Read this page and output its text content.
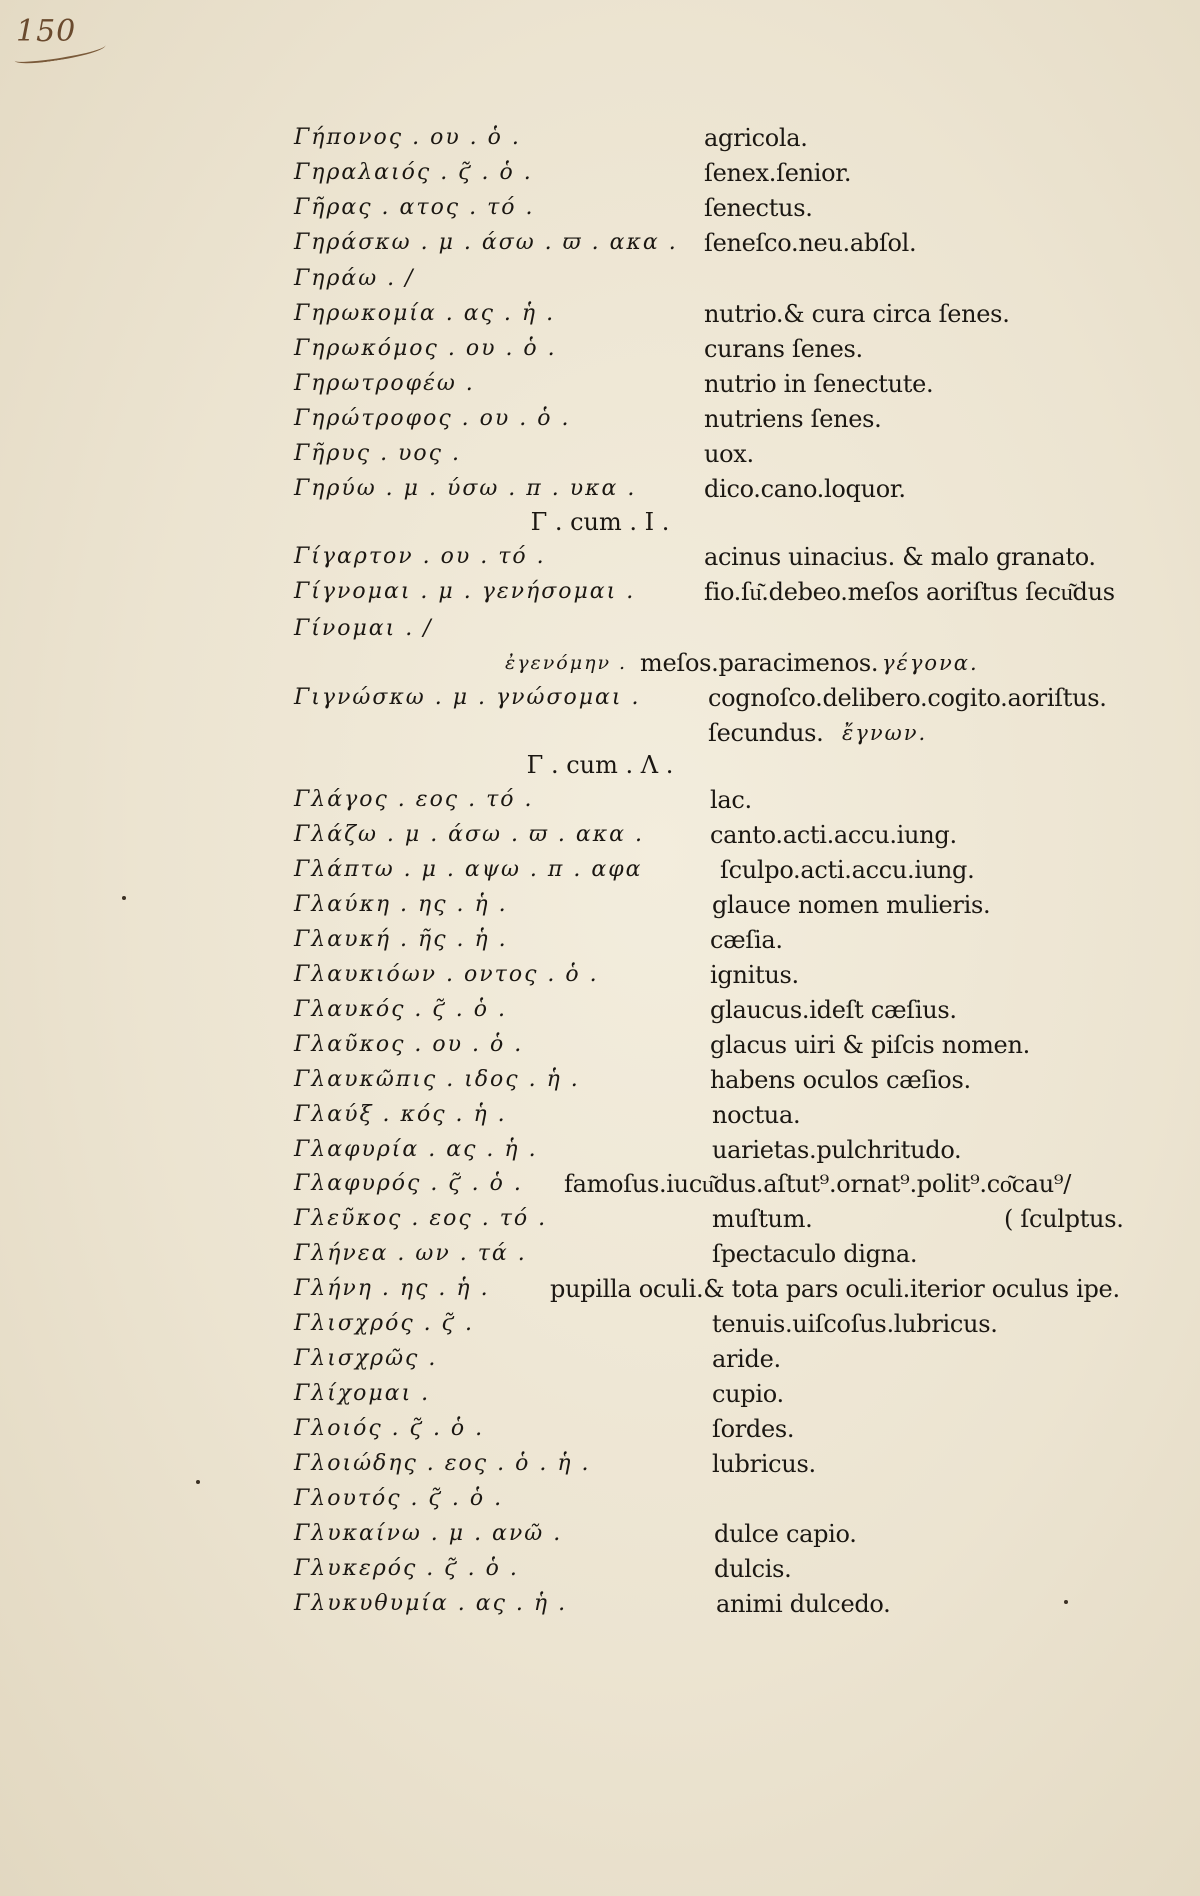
150
Γήπονος . ου . ὁ .	agricola.
Γηραλαιός . ϛ̃ . ὁ .	ſenex.ſenior.
Γῆρας . ατος . τό .	ſenectus.
Γηράσκω . μ . άσω . ϖ . ακα . ſeneſco.neu.abſol.
Γηράω . /
Γηρωκομία . ας . ἡ .	nutrio.& cura circa ſenes.
Γηρωκόμος . ου . ὁ .	curans ſenes.
Γηρωτροφέω .	nutrio in ſenectute.
Γηρώτροφος . ου . ὁ .	nutriens ſenes.
Γῆρυς . υος .	uox.
Γηρύω . μ . ύσω . π . υκα .	dico.cano.loquor.
Γ . cum . Ι .
Γίγαρτον . ου . τό .	acinus uinacius. & malo granato.
Γίγνομαι . μ . γενήσομαι .	fio.ſu͂.debeo.meſos aoriſtus ſecu͂dus
Γίνομαι . /
ἐγενόμην . meſos.paracimenos. γέγονα.
Γιγνώσκω . μ . γνώσομαι .	cognoſco.delibero.cogito.aoriſtus.
ſecundus. ἔγνων.
Γ . cum . Λ .
Γλάγος . εος . τό .	lac.
Γλάζω . μ . άσω . ϖ . ακα .	canto.acti.accu.iung.
Γλάπτω . μ . αψω . π . αφα	ſculpo.acti.accu.iung.
Γλαύκη . ης . ἡ .	glauce nomen mulieris.
Γλαυκή . ῆς . ἡ .	cæſia.
Γλαυκιόων . οντος . ὁ .	ignitus.
Γλαυκός . ϛ̃ . ὁ .	glaucus.ideſt cæſius.
Γλαῦκος . ου . ὁ .	glacus uiri & piſcis nomen.
Γλαυκῶπις . ιδος . ἡ .	habens oculos cæſios.
Γλαύξ . κός . ἡ .	noctua.
Γλαφυρία . ας . ἡ .	uarietas.pulchritudo.
Γλαφυρός . ϛ̃ . ὁ . famoſus.iucu͂dus.aſtut⁹.ornat⁹.polit⁹.co͂cau⁹/
Γλεῦκος . εος . τό .	muſtum.	( ſculptus.
Γλήνεα . ων . τά .	ſpectaculo digna.
Γλήνη . ης . ἡ .	pupilla oculi.& tota pars oculi.iterior oculus ipe.
Γλισχρός . ϛ̃ .	tenuis.uiſcoſus.lubricus.
Γλισχρῶς .	aride.
Γλίχομαι .	cupio.
Γλοιός . ϛ̃ . ὁ .	ſordes.
Γλοιώδης . εος . ὁ . ἡ .	lubricus.
Γλουτός . ϛ̃ . ὁ .
Γλυκαίνω . μ . ανῶ .	dulce capio.
Γλυκερός . ϛ̃ . ὁ .	dulcis.
Γλυκυθυμία . ας . ἡ .	animi dulcedo.
